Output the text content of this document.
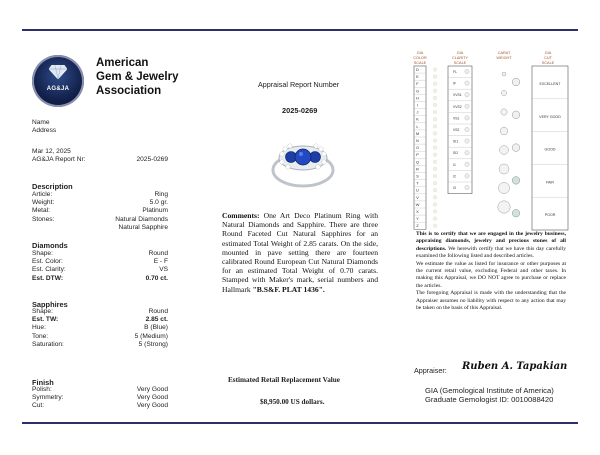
AG&JA
American
Gem & Jewelry
Association
Name
Address
Mar 12, 2025
AG&JA Report Nr:	2025-0269
Description
Article:	Ring
Weight:	5.0 gr.
Metal:	Platinum
Stones:	Natural Diamonds
Natural Sapphire
Diamonds
Shape:	Round
Est. Color:	E - F
Est. Clarity:	VS
Est. DTW:	0.70 ct.
Sapphires
Shape:	Round
Est. TW:	2.85 ct.
Hue:	B (Blue)
Tone:	5 (Medium)
Saturation:	5 (Strong)
Finish
Polish:	Very Good
Symmetry:	Very Good
Cut:	Very Good
Appraisal Report Number
2025-0269
Comments: One Art Deco Platinum Ring with Natural Diamonds and Sapphire. There are three Round Faceted Cut Natural Sapphires for an estimated Total Weight of 2.85 carats. On the side, mounted in pave setting there are fourteen calibrated Round European Cut Natural Diamonds for an estimated Total Weight of 0.70 carats. Stamped with Maker's mark, serial numbers and Hallmark "B.S&F. PLAT 1436".
Estimated Retail Replacement Value
$8,950.00 US dollars.
GIA
COLOR
SCALE
GIA
CLARITY
SCALE
CARAT
WEIGHT
GIA
CUT
SCALE
D
E
F
G
H
I
J
K
L
M
N
O
P
Q
R
S
T
U
V
W
X
Y
Z
FL
IF
VVS1
VVS2
VS1
VS2
SI1
SI2
I1
I2
I3
EXCELLENT
VERY GOOD
GOOD
FAIR
POOR
This is to certify that we are engaged in the jewelry business, appraising diamonds, jewelry and precious stones of all descriptions. We herewith certify that we have this day carefully examined the following listed and described articles.
We estimate the value as listed for insurance or other purposes at the current retail value, excluding Federal and other taxes. In making this Appraisal, we DO NOT agree to purchase or replace the articles.
The foregoing Appraisal is made with the understanding that the Appraiser assumes no liability with respect to any action that may be taken on the basis of this Appraisal.
Appraiser: Ruben A. Tapakian
GIA (Gemological Institute of America)
Graduate Gemologist ID: 0010088420
